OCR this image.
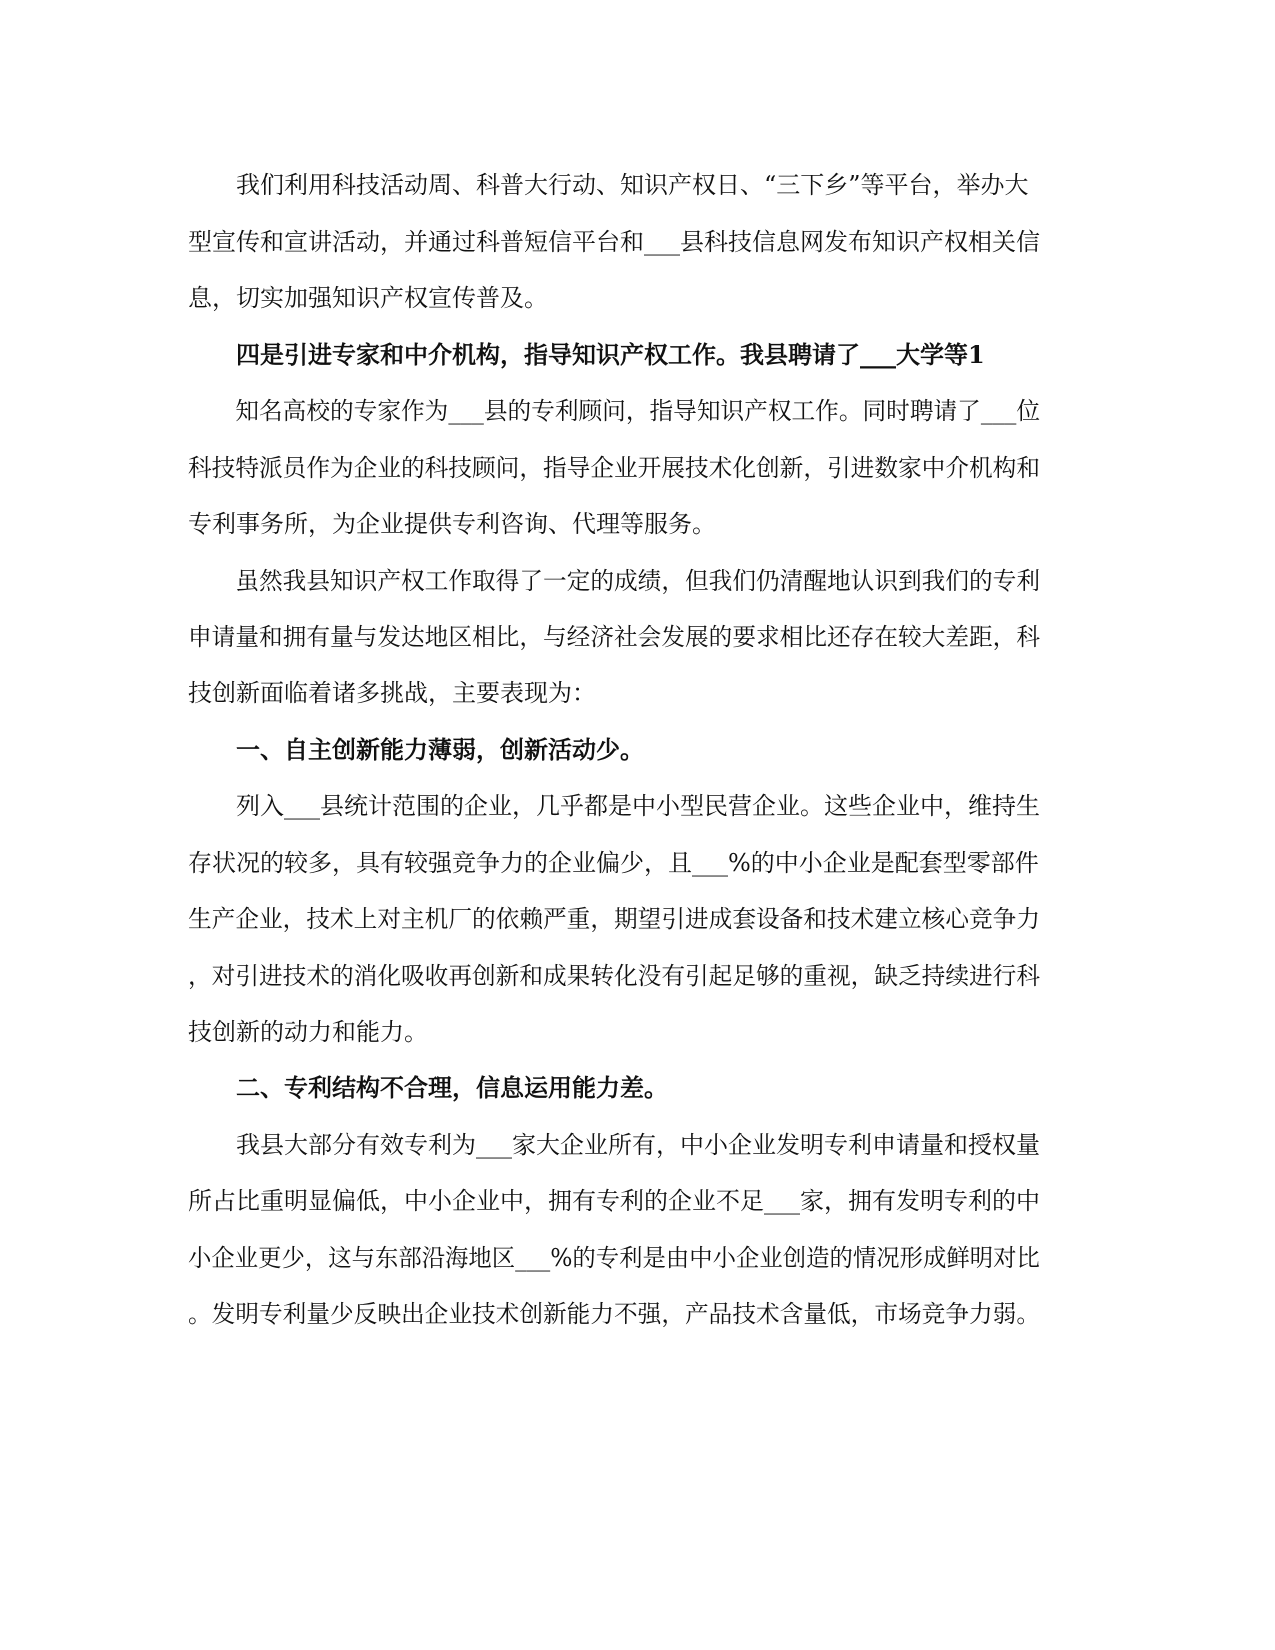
　　我们利用科技活动周、科普大行动、知识产权日、“三下乡”等平台，举办大
型宣传和宣讲活动，并通过科普短信平台和___县科技信息网发布知识产权相关信
息，切实加强知识产权宣传普及。
　　四是引进专家和中介机构，指导知识产权工作。我县聘请了___大学等1
　　知名高校的专家作为___县的专利顾问，指导知识产权工作。同时聘请了___位
科技特派员作为企业的科技顾问，指导企业开展技术化创新，引进数家中介机构和
专利事务所，为企业提供专利咨询、代理等服务。
　　虽然我县知识产权工作取得了一定的成绩，但我们仍清醒地认识到我们的专利
申请量和拥有量与发达地区相比，与经济社会发展的要求相比还存在较大差距，科
技创新面临着诸多挑战，主要表现为：
　　一、自主创新能力薄弱，创新活动少。
　　列入___县统计范围的企业，几乎都是中小型民营企业。这些企业中，维持生
存状况的较多，具有较强竞争力的企业偏少，且___%的中小企业是配套型零部件
生产企业，技术上对主机厂的依赖严重，期望引进成套设备和技术建立核心竞争力
，对引进技术的消化吸收再创新和成果转化没有引起足够的重视，缺乏持续进行科
技创新的动力和能力。
　　二、专利结构不合理，信息运用能力差。
　　我县大部分有效专利为___家大企业所有，中小企业发明专利申请量和授权量
所占比重明显偏低，中小企业中，拥有专利的企业不足___家，拥有发明专利的中
小企业更少，这与东部沿海地区___%的专利是由中小企业创造的情况形成鲜明对比
。发明专利量少反映出企业技术创新能力不强，产品技术含量低，市场竞争力弱。
